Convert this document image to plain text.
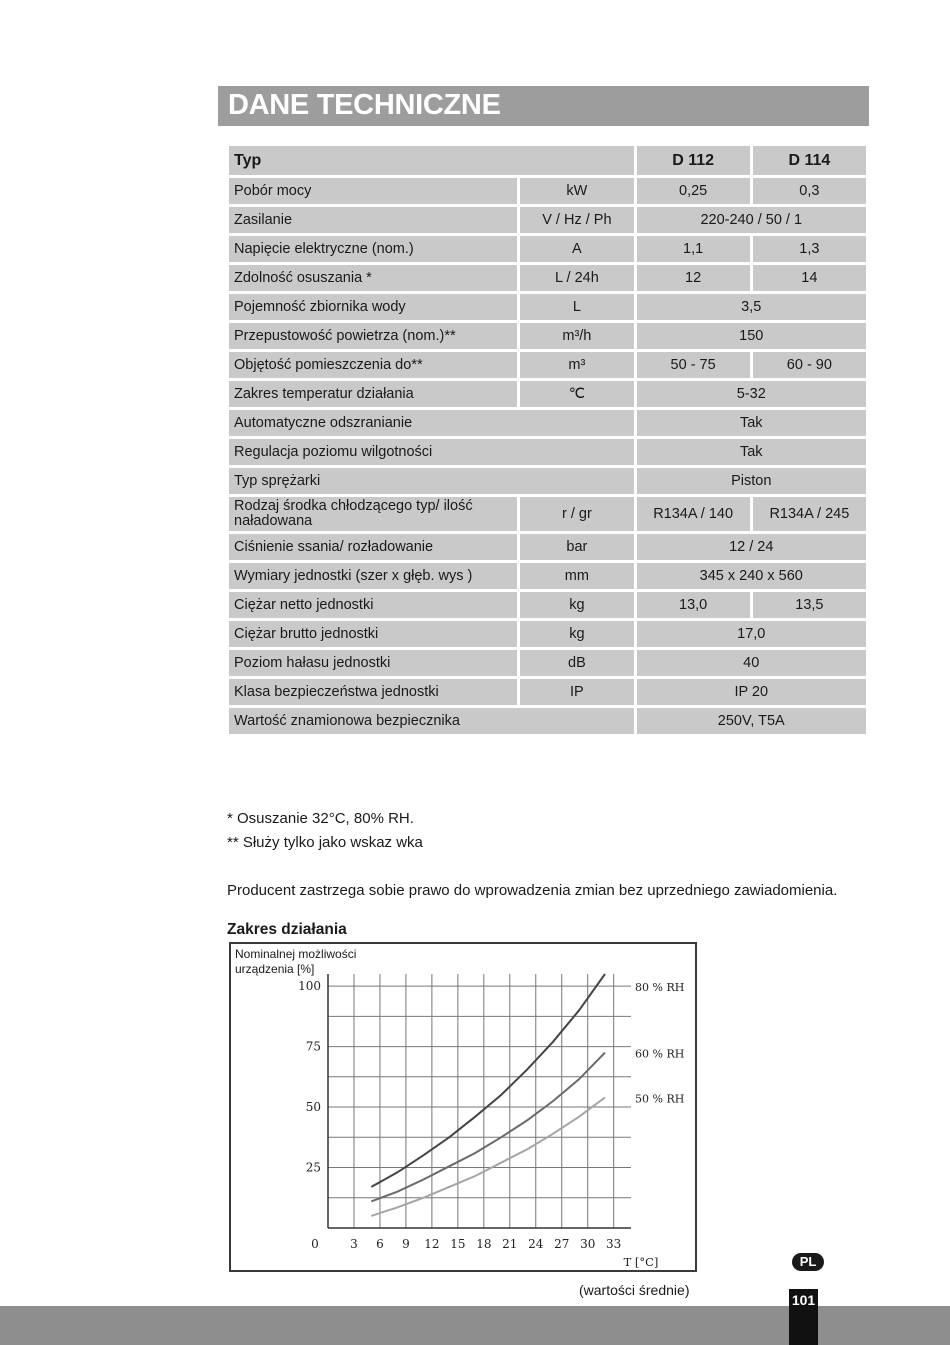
DANE TECHNICZNE
Typ		D 112	D 114
Pobór mocy	kW	0,25	0,3
Zasilanie	V / Hz / Ph	220-240 / 50 / 1	
Napięcie elektryczne (nom.)	A	1,1	1,3
Zdolność osuszania *	L / 24h	12	14
Pojemność zbiornika wody	L	3,5	
Przepustowość powietrza (nom.)**	m³/h	150	
Objętość pomieszczenia do**	m³	50 - 75	60 - 90
Zakres temperatur działania	℃	5-32	
Automatyczne odszranianie		Tak	
Regulacja poziomu wilgotności		Tak	
Typ sprężarki		Piston	
Rodzaj środka chłodzącego typ/ ilość naładowana	r / gr	R134A / 140	R134A / 245
Ciśnienie ssania/ rozładowanie	bar	12 / 24	
Wymiary jednostki (szer x głęb. wys )	mm	345 x 240 x 560	
Ciężar netto jednostki	kg	13,0	13,5
Ciężar brutto jednostki	kg	17,0	
Poziom hałasu jednostki	dB	40	
Klasa bezpieczeństwa jednostki	IP	IP 20	
Wartość znamionowa bezpiecznika		250V, T5A	
* Osuszanie 32°C, 80% RH.
** Służy tylko jako wskaz wka
Producent zastrzega sobie prawo do wprowadzenia zmian bez uprzedniego zawiadomienia.
Zakres działania
Nominalnej możliwości
urządzenia [%]
0	3 6 9 12 15 18 21 24 27 30 33
25
50
75
100
T [°C]
80 % RH
60 % RH
50 % RH
(wartości średnie)
PL
101
